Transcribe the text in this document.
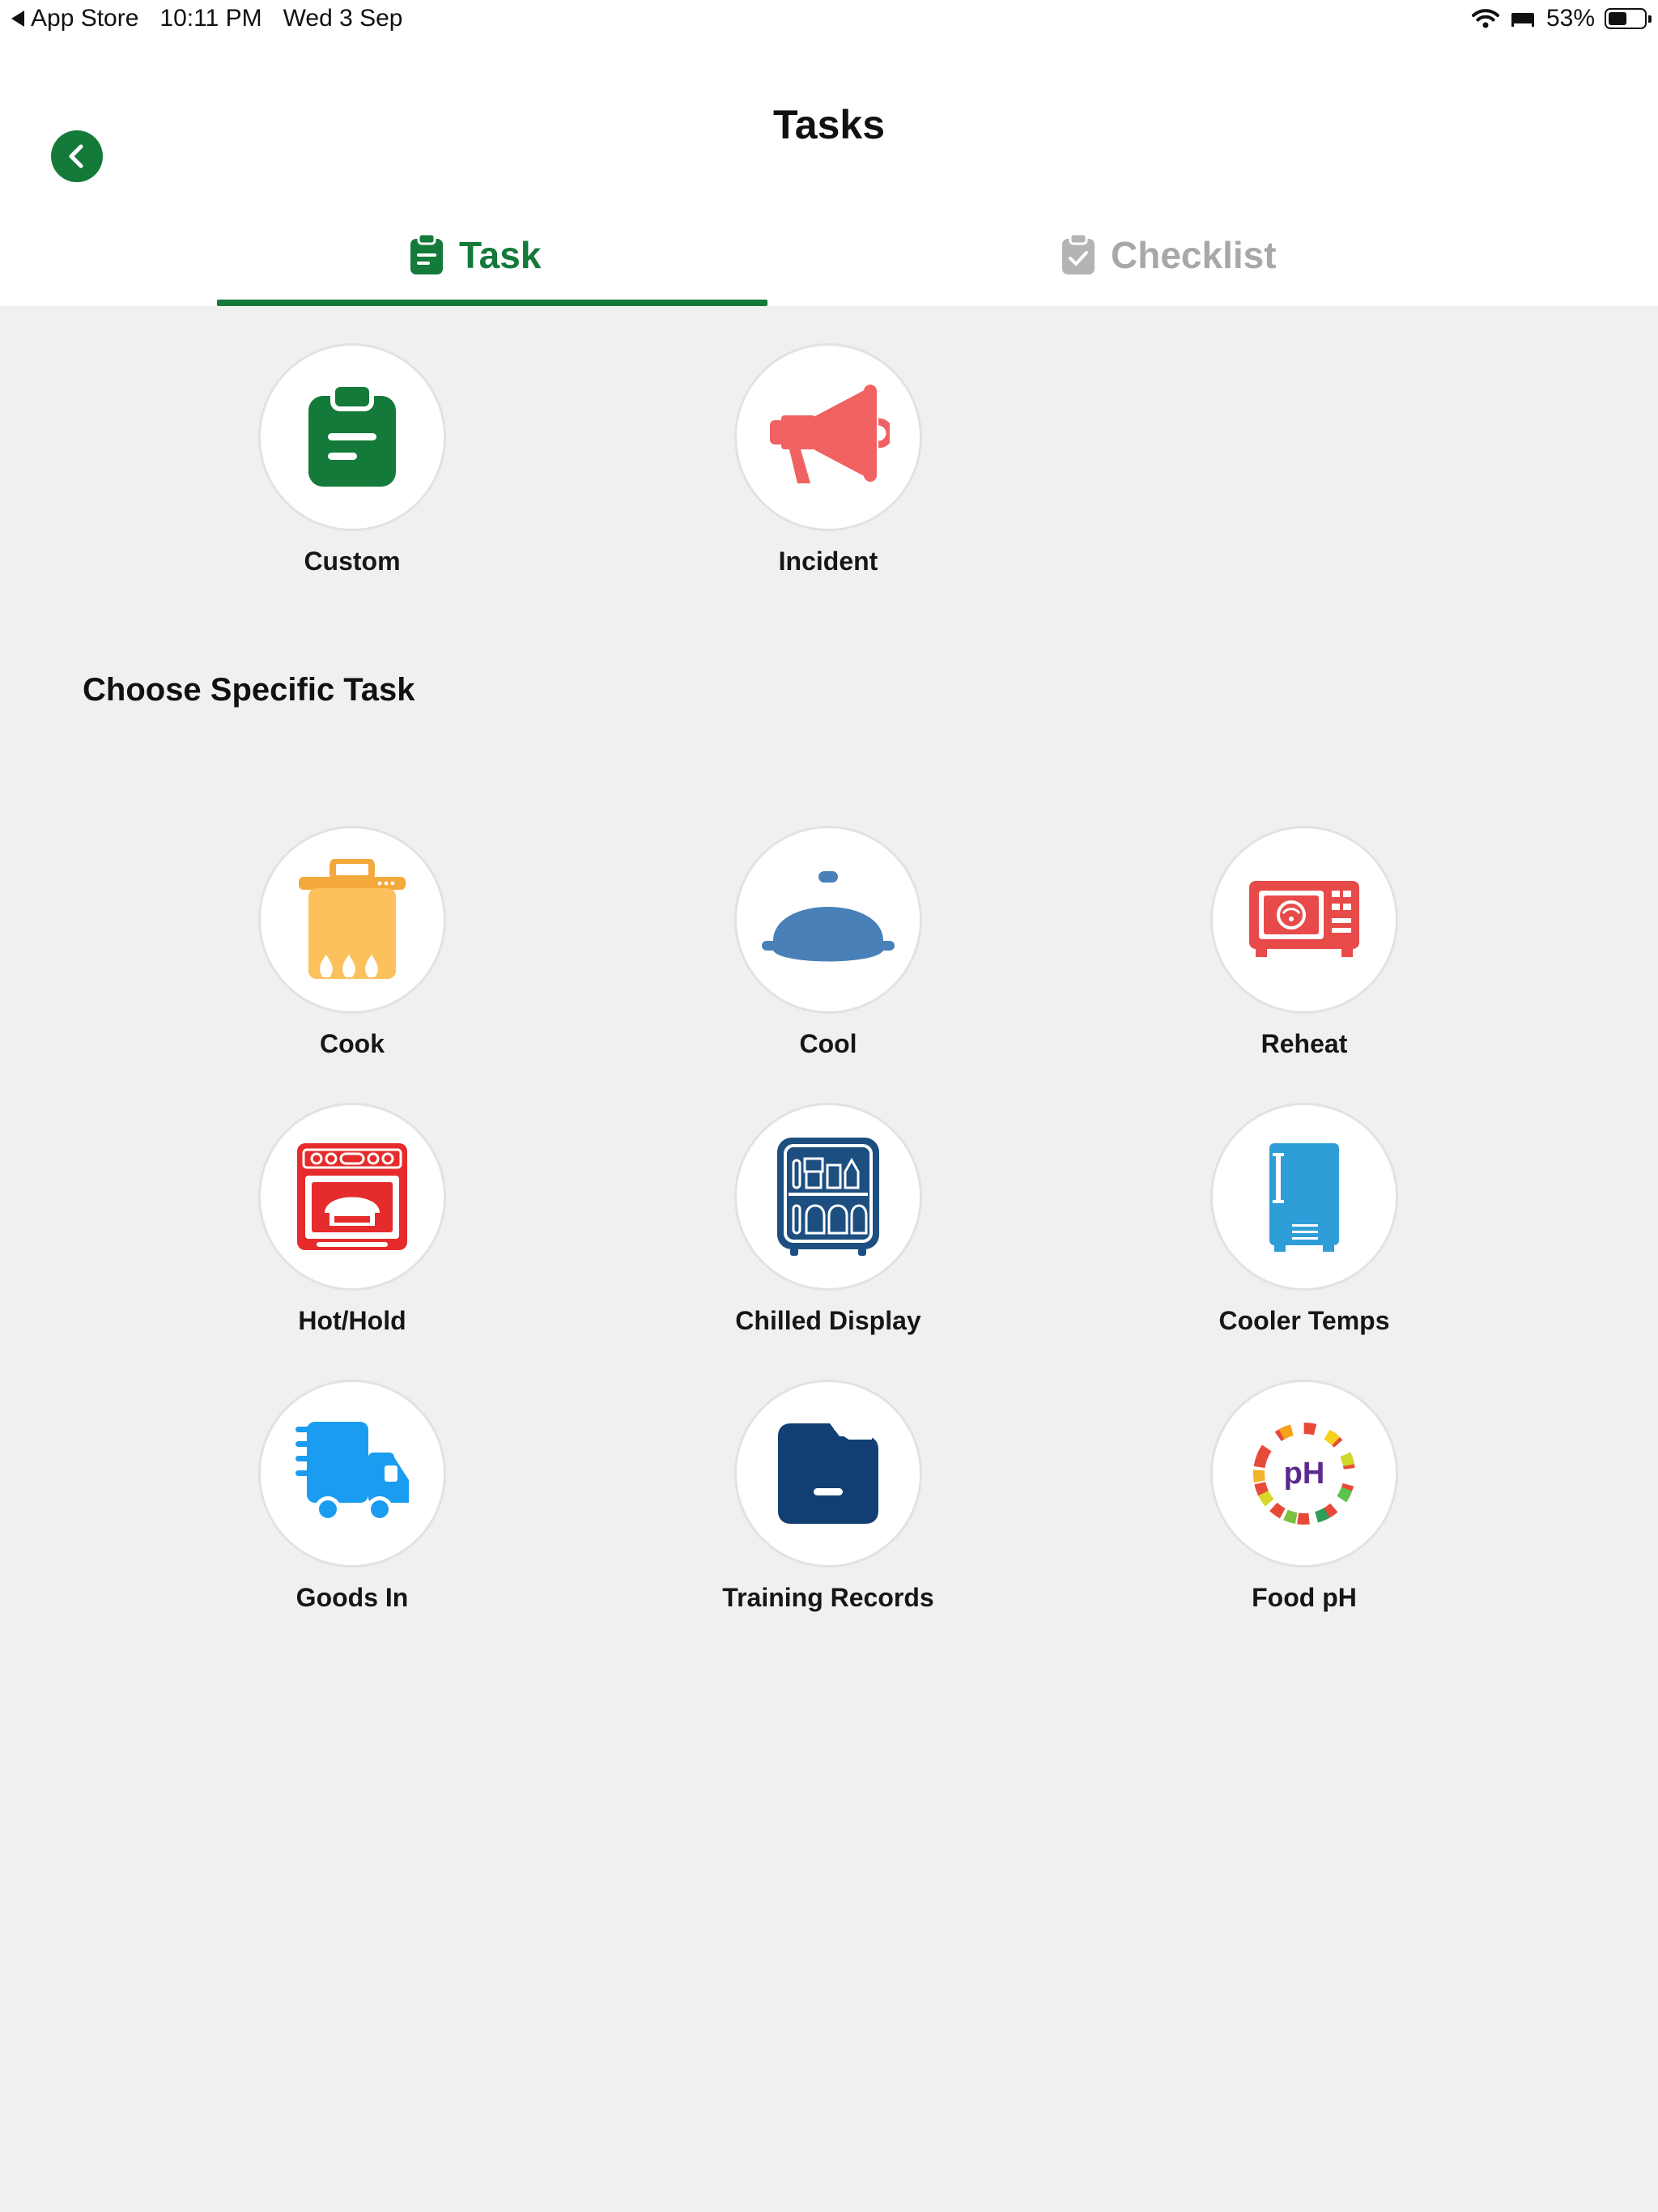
App Store 10:11 PM Wed 3 Sep	53%
Tasks
Task	Checklist
Custom	Incident
Choose Specific Task
Cook	Cool	Reheat
Hot/Hold	Chilled Display	Cooler Temps
Goods In	Training Records
pH
Food pH
